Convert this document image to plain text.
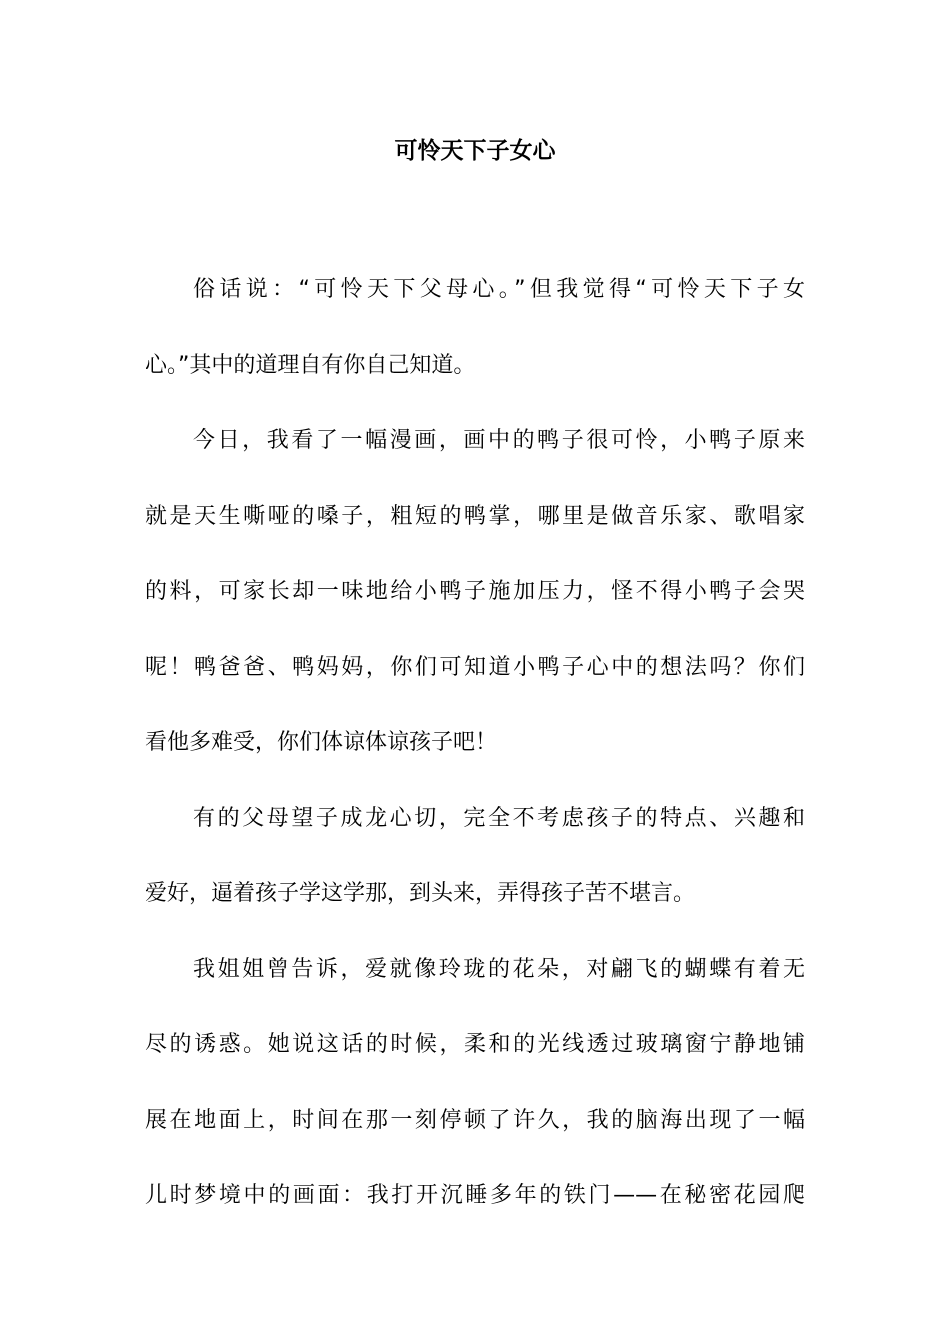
可怜天下子女心
俗话说：“可怜天下父母心。”但我觉得“可怜天下子女
心。”其中的道理自有你自己知道。
今日，我看了一幅漫画，画中的鸭子很可怜，小鸭子原来
就是天生嘶哑的嗓子，粗短的鸭掌，哪里是做音乐家、歌唱家
的料，可家长却一味地给小鸭子施加压力，怪不得小鸭子会哭
呢！鸭爸爸、鸭妈妈，你们可知道小鸭子心中的想法吗？你们
看他多难受，你们体谅体谅孩子吧！
有的父母望子成龙心切，完全不考虑孩子的特点、兴趣和
爱好，逼着孩子学这学那，到头来，弄得孩子苦不堪言。
我姐姐曾告诉，爱就像玲珑的花朵，对翩飞的蝴蝶有着无
尽的诱惑。她说这话的时候，柔和的光线透过玻璃窗宁静地铺
展在地面上，时间在那一刻停顿了许久，我的脑海出现了一幅
儿时梦境中的画面：我打开沉睡多年的铁门——在秘密花园爬
